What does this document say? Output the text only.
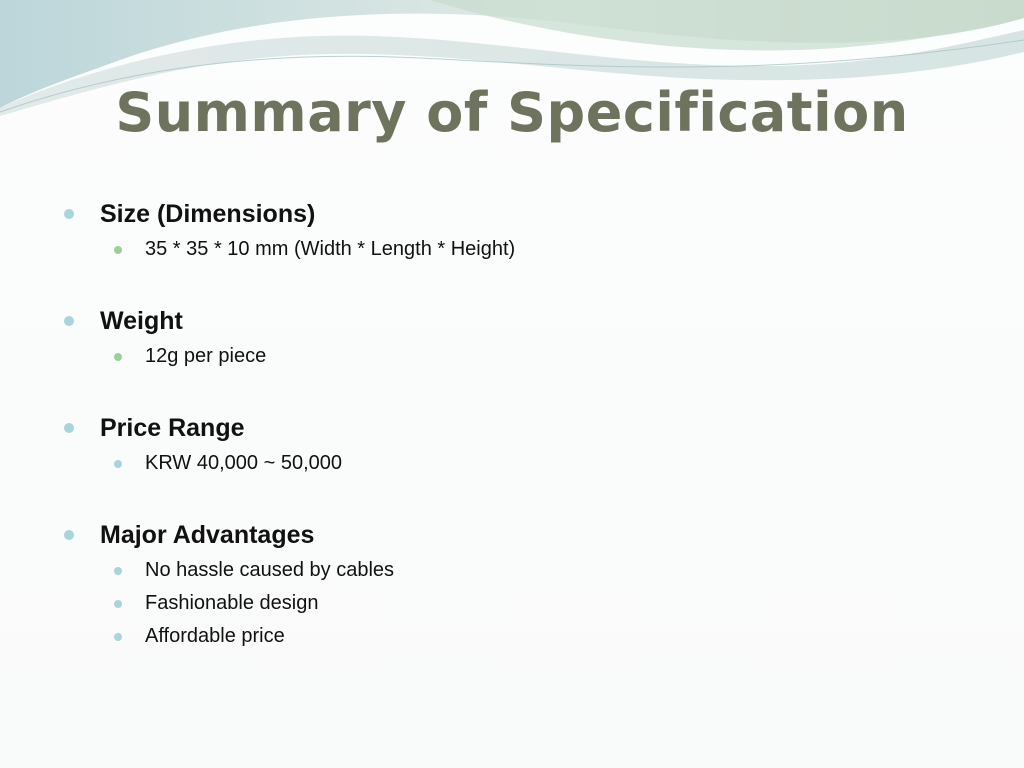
Summary of Specification
Size (Dimensions)
35 * 35 * 10 mm (Width * Length * Height)
Weight
12g per piece
Price Range
KRW 40,000 ~ 50,000
Major Advantages
No hassle caused by cables
Fashionable design
Affordable price
